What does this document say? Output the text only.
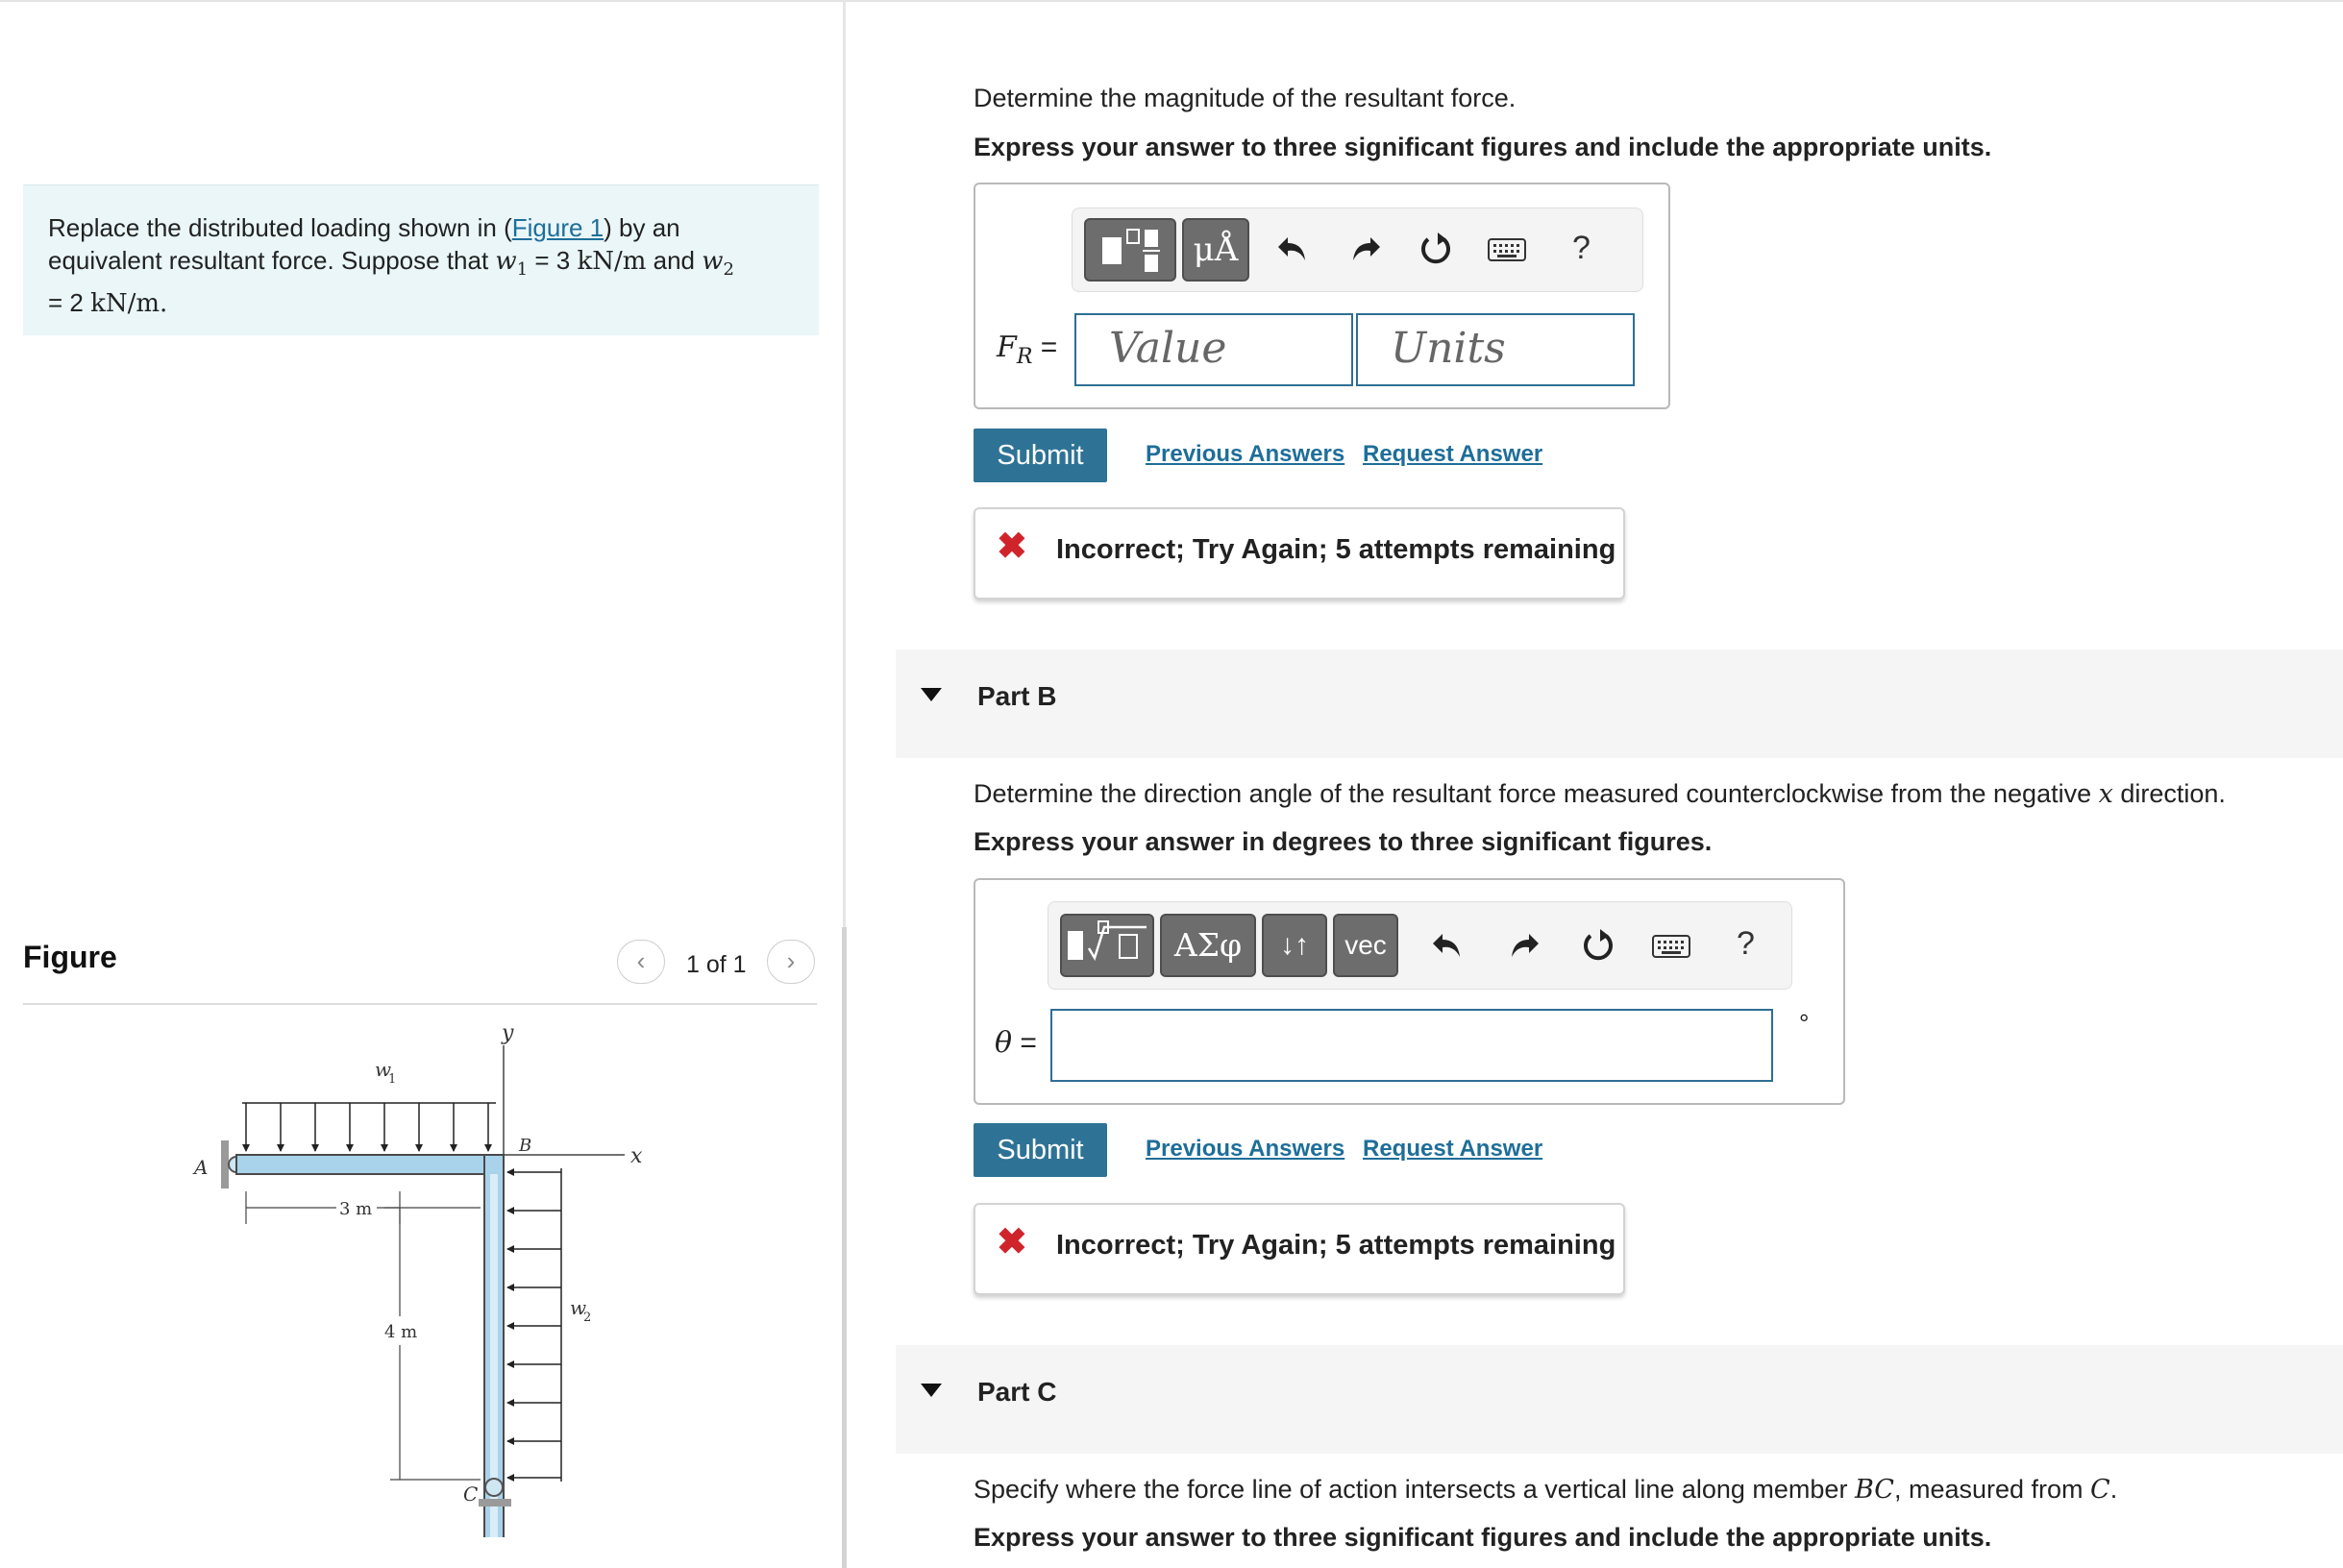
Replace the distributed loading shown in (Figure 1) by an equivalent resultant force. Suppose that $w_1 = 3$ kN/m and $w_2 = 2$ kN/m.
Figure	‹	1 of 1	›
y
x
w
1
w
2
A
B
C
3 m
4 m
Determine the magnitude of the resultant force.
Express your answer to three significant figures and include the appropriate units.
μÅ	?
$F_R$ = Value	Units
Submit	Previous Answers Request Answer
✖ Incorrect; Try Again; 5 attempts remaining
Part B
Determine the direction angle of the resultant force measured counterclockwise from the negative x direction.
Express your answer in degrees to three significant figures.
ΑΣφ	↓↑	vec	?
θ =
°
Submit	Previous Answers Request Answer
✖ Incorrect; Try Again; 5 attempts remaining
Part C
Specify where the force line of action intersects a vertical line along member BC, measured from C.
Express your answer to three significant figures and include the appropriate units.
